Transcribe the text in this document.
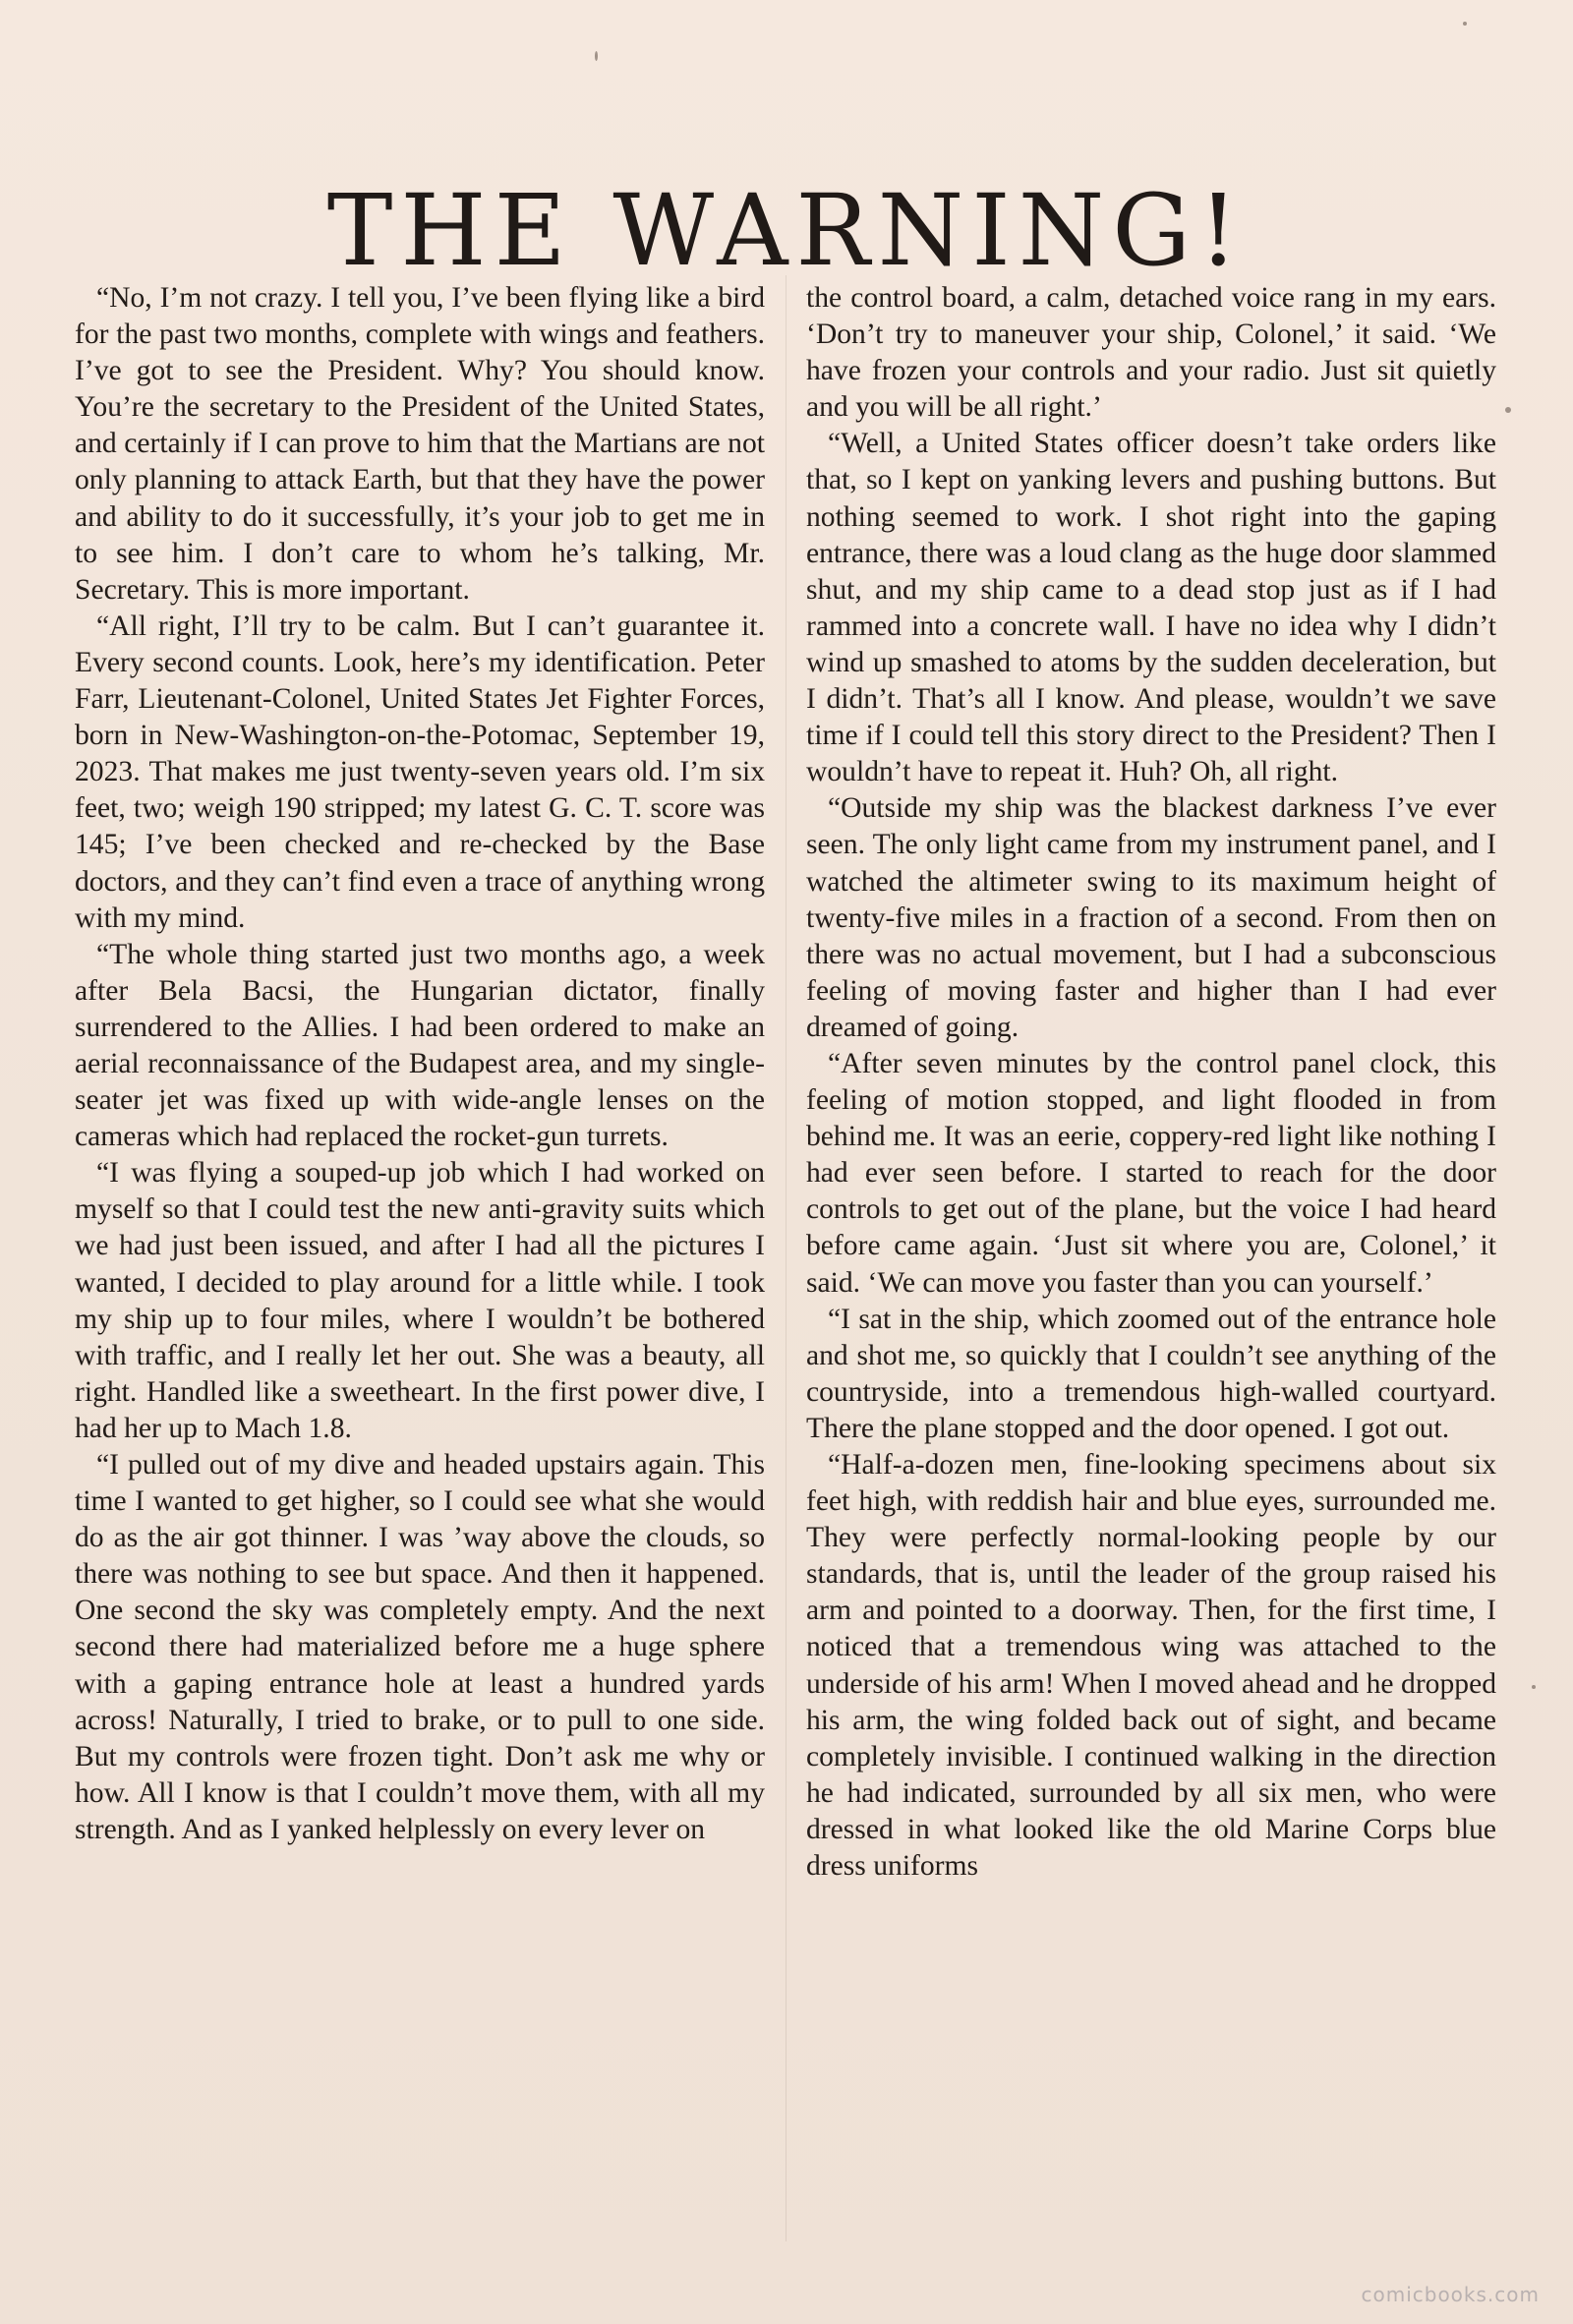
THE WARNING!

“No, I’m not crazy. I tell you, I’ve been flying like a bird for the past two months, complete with wings and feathers. I’ve got to see the President. Why? You should know. You’re the secretary to the President of the United States, and certainly if I can prove to him that the Martians are not only planning to attack Earth, but that they have the power and ability to do it successfully, it’s your job to get me in to see him. I don’t care to whom he’s talking, Mr. Secretary. This is more important.

“All right, I’ll try to be calm. But I can’t guarantee it. Every second counts. Look, here’s my identification. Peter Farr, Lieutenant-Colonel, United States Jet Fighter Forces, born in New-Washington-on-the-Potomac, September 19, 2023. That makes me just twenty-seven years old. I’m six feet, two; weigh 190 stripped; my latest G. C. T. score was 145; I’ve been checked and re-checked by the Base doctors, and they can’t find even a trace of anything wrong with my mind.

“The whole thing started just two months ago, a week after Bela Bacsi, the Hungarian dictator, finally surrendered to the Allies. I had been ordered to make an aerial reconnaissance of the Budapest area, and my single-seater jet was fixed up with wide-angle lenses on the cameras which had replaced the rocket-gun turrets.

“I was flying a souped-up job which I had worked on myself so that I could test the new anti-gravity suits which we had just been issued, and after I had all the pictures I wanted, I decided to play around for a little while. I took my ship up to four miles, where I wouldn’t be bothered with traffic, and I really let her out. She was a beauty, all right. Handled like a sweetheart. In the first power dive, I had her up to Mach 1.8.

“I pulled out of my dive and headed upstairs again. This time I wanted to get higher, so I could see what she would do as the air got thinner. I was ’way above the clouds, so there was nothing to see but space. And then it happened. One second the sky was completely empty. And the next second there had materialized before me a huge sphere with a gaping entrance hole at least a hundred yards across! Naturally, I tried to brake, or to pull to one side. But my controls were frozen tight. Don’t ask me why or how. All I know is that I couldn’t move them, with all my strength. And as I yanked helplessly on every lever on

the control board, a calm, detached voice rang in my ears. ‘Don’t try to maneuver your ship, Colonel,’ it said. ‘We have frozen your controls and your radio. Just sit quietly and you will be all right.’

“Well, a United States officer doesn’t take orders like that, so I kept on yanking levers and pushing buttons. But nothing seemed to work. I shot right into the gaping entrance, there was a loud clang as the huge door slammed shut, and my ship came to a dead stop just as if I had rammed into a concrete wall. I have no idea why I didn’t wind up smashed to atoms by the sudden deceleration, but I didn’t. That’s all I know. And please, wouldn’t we save time if I could tell this story direct to the President? Then I wouldn’t have to repeat it. Huh? Oh, all right.

“Outside my ship was the blackest darkness I’ve ever seen. The only light came from my instrument panel, and I watched the altimeter swing to its maximum height of twenty-five miles in a fraction of a second. From then on there was no actual movement, but I had a subconscious feeling of moving faster and higher than I had ever dreamed of going.

“After seven minutes by the control panel clock, this feeling of motion stopped, and light flooded in from behind me. It was an eerie, coppery-red light like nothing I had ever seen before. I started to reach for the door controls to get out of the plane, but the voice I had heard before came again. ‘Just sit where you are, Colonel,’ it said. ‘We can move you faster than you can yourself.’

“I sat in the ship, which zoomed out of the entrance hole and shot me, so quickly that I couldn’t see anything of the countryside, into a tremendous high-walled courtyard. There the plane stopped and the door opened. I got out.

“Half-a-dozen men, fine-looking specimens about six feet high, with reddish hair and blue eyes, surrounded me. They were perfectly normal-looking people by our standards, that is, until the leader of the group raised his arm and pointed to a doorway. Then, for the first time, I noticed that a tremendous wing was attached to the underside of his arm! When I moved ahead and he dropped his arm, the wing folded back out of sight, and became completely invisible. I continued walking in the direction he had indicated, surrounded by all six men, who were dressed in what looked like the old Marine Corps blue dress uniforms

comicbooks.com
